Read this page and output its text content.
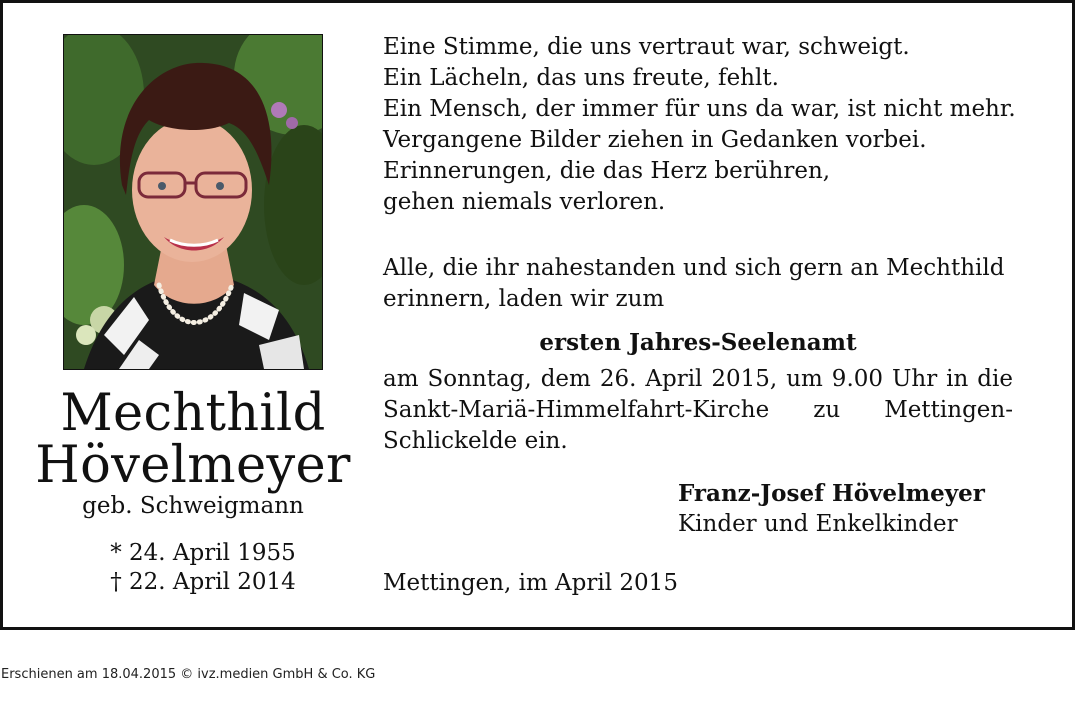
Mechthild
Hövelmeyer
geb. Schweigmann
* 24. April 1955
† 22. April 2014
Eine Stimme, die uns vertraut war, schweigt.
Ein Lächeln, das uns freute, fehlt.
Ein Mensch, der immer für uns da war, ist nicht mehr.
Vergangene Bilder ziehen in Gedanken vorbei.
Erinnerungen, die das Herz berühren,
gehen niemals verloren.
Alle, die ihr nahestanden und sich gern an Mechthild
erinnern, laden wir zum
ersten Jahres-Seelenamt
am Sonntag, dem 26. April 2015, um 9.00 Uhr in die
Sankt-Mariä-Himmelfahrt-Kirche zu Mettingen-
Schlickelde ein.
Franz-Josef Hövelmeyer
Kinder und Enkelkinder
Mettingen, im April 2015
Erschienen am 18.04.2015 © ivz.medien GmbH & Co. KG
